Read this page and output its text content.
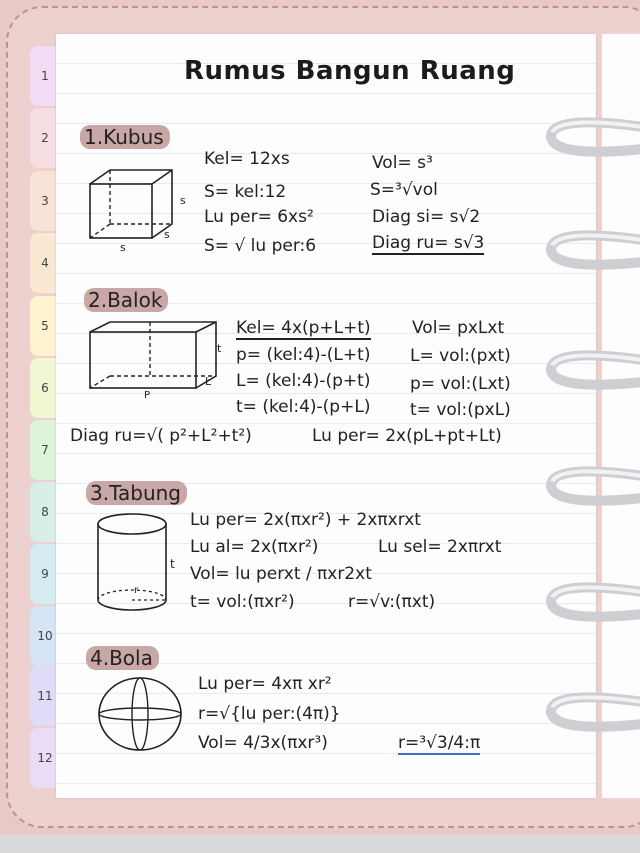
1
2
3
4
5
6
7
8
9
10
11
12
Rumus Bangun Ruang
1.Kubus
s
s
s
Kel= 12xs	Vol= s³
S= kel:12	S=³√vol
Lu per= 6xs²	Diag si= s√2
S= √ lu per:6	Diag ru= s√3
2.Balok
t
L
P
Kel= 4x(p+L+t) Vol= pxLxt
p= (kel:4)-(L+t) L= vol:(pxt)
L= (kel:4)-(p+t) p= vol:(Lxt)
t= (kel:4)-(p+L) t= vol:(pxL)
Diag ru=√( p²+L²+t²)	Lu per= 2x(pL+pt+Lt)
3.Tabung
t
r
Lu per= 2x(πxr²) + 2xπxrxt
Lu al= 2x(πxr²)	Lu sel= 2xπrxt
Vol= lu perxt / πxr2xt
t= vol:(πxr²)	r=√v:(πxt)
4.Bola
Lu per= 4xπ xr²
r=√{lu per:(4π)}
Vol= 4/3x(πxr³)	r=³√3/4:π
